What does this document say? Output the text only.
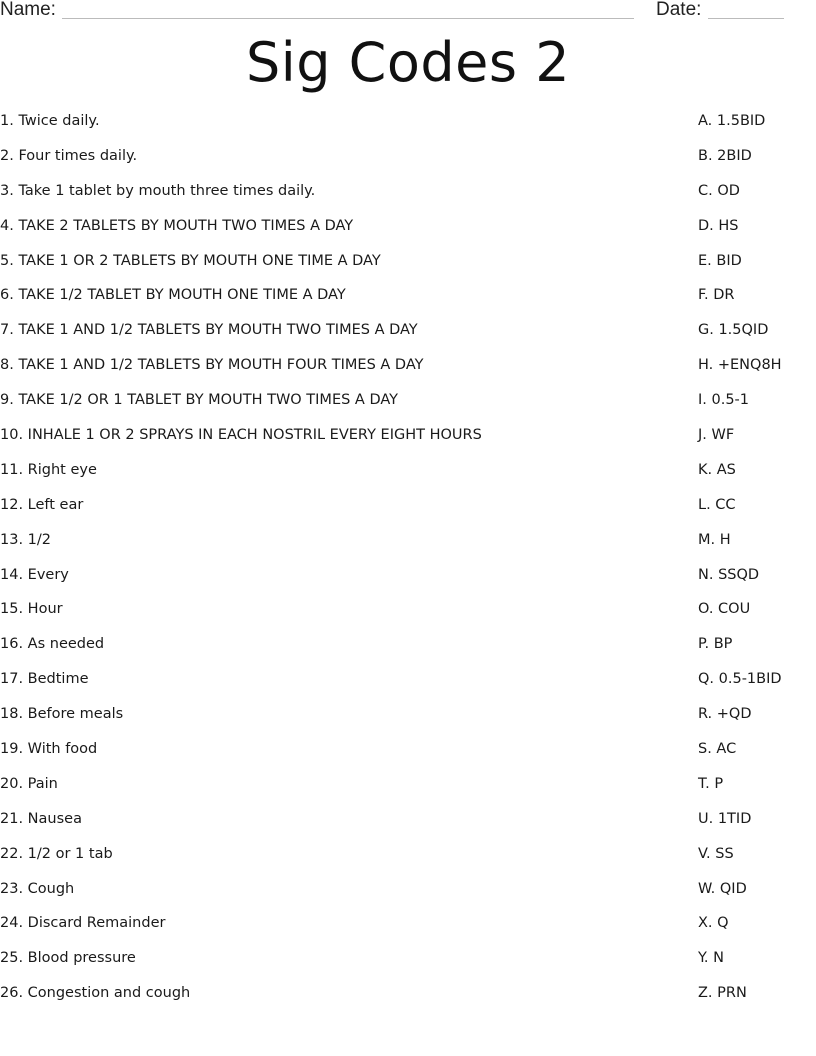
Name:	Date:
Sig Codes 2
1. Twice daily.	A. 1.5BID
2. Four times daily.	B. 2BID
3. Take 1 tablet by mouth three times daily.	C. OD
4. TAKE 2 TABLETS BY MOUTH TWO TIMES A DAY	D. HS
5. TAKE 1 OR 2 TABLETS BY MOUTH ONE TIME A DAY	E. BID
6. TAKE 1/2 TABLET BY MOUTH ONE TIME A DAY	F. DR
7. TAKE 1 AND 1/2 TABLETS BY MOUTH TWO TIMES A DAY	G. 1.5QID
8. TAKE 1 AND 1/2 TABLETS BY MOUTH FOUR TIMES A DAY	H. +ENQ8H
9. TAKE 1/2 OR 1 TABLET BY MOUTH TWO TIMES A DAY	I. 0.5-1
10. INHALE 1 OR 2 SPRAYS IN EACH NOSTRIL EVERY EIGHT HOURS	J. WF
11. Right eye	K. AS
12. Left ear	L. CC
13. 1/2	M. H
14. Every	N. SSQD
15. Hour	O. COU
16. As needed	P. BP
17. Bedtime	Q. 0.5-1BID
18. Before meals	R. +QD
19. With food	S. AC
20. Pain	T. P
21. Nausea	U. 1TID
22. 1/2 or 1 tab	V. SS
23. Cough	W. QID
24. Discard Remainder	X. Q
25. Blood pressure	Y. N
26. Congestion and cough	Z. PRN
